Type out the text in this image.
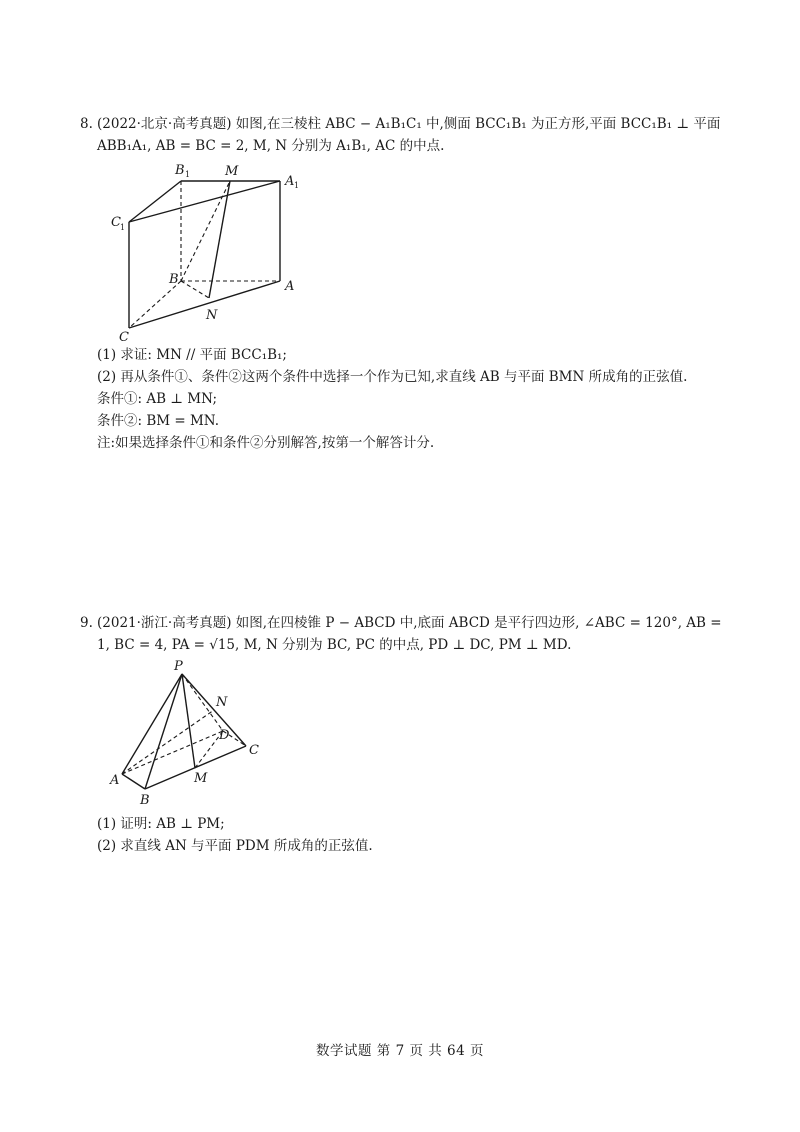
8. (2022·北京·高考真题) 如图,在三棱柱 ABC − A₁B₁C₁ 中,侧面 BCC₁B₁ 为正方形,平面 BCC₁B₁ ⊥ 平面
ABB₁A₁, AB = BC = 2, M, N 分别为 A₁B₁, AC 的中点.
B 1	M
A 1
C 1
B	A
N
C
(1) 求证: MN // 平面 BCC₁B₁;
(2) 再从条件①、条件②这两个条件中选择一个作为已知,求直线 AB 与平面 BMN 所成角的正弦值.
条件①: AB ⊥ MN;
条件②: BM = MN.
注:如果选择条件①和条件②分别解答,按第一个解答计分.
9. (2021·浙江·高考真题) 如图,在四棱锥 P − ABCD 中,底面 ABCD 是平行四边形, ∠ABC = 120°, AB =
1, BC = 4, PA = √15, M, N 分别为 BC, PC 的中点, PD ⊥ DC, PM ⊥ MD.
P
N
D
C
A	M
B
(1) 证明: AB ⊥ PM;
(2) 求直线 AN 与平面 PDM 所成角的正弦值.
数学试题 第 7 页 共 64 页
